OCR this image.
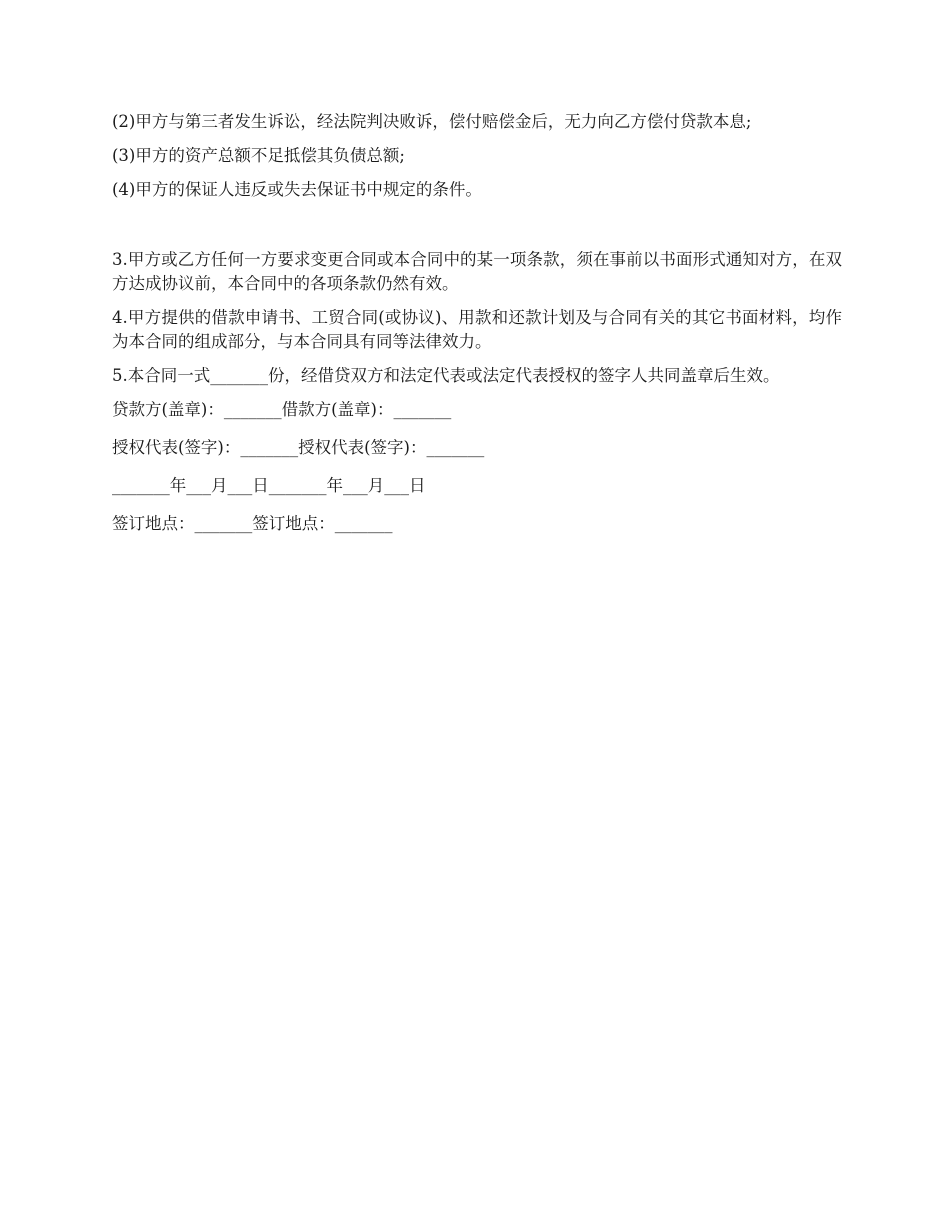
(2)甲方与第三者发生诉讼，经法院判决败诉，偿付赔偿金后，无力向乙方偿付贷款本息;

(3)甲方的资产总额不足抵偿其负债总额;

(4)甲方的保证人违反或失去保证书中规定的条件。

3.甲方或乙方任何一方要求变更合同或本合同中的某一项条款，须在事前以书面形式通知对方，在双方达成协议前，本合同中的各项条款仍然有效。

4.甲方提供的借款申请书、工贸合同(或协议)、用款和还款计划及与合同有关的其它书面材料，均作为本合同的组成部分，与本合同具有同等法律效力。

5.本合同一式_______份，经借贷双方和法定代表或法定代表授权的签字人共同盖章后生效。

贷款方(盖章)：_______借款方(盖章)：_______

授权代表(签字)：_______授权代表(签字)：_______

_______年___月___日_______年___月___日

签订地点：_______签订地点：_______
